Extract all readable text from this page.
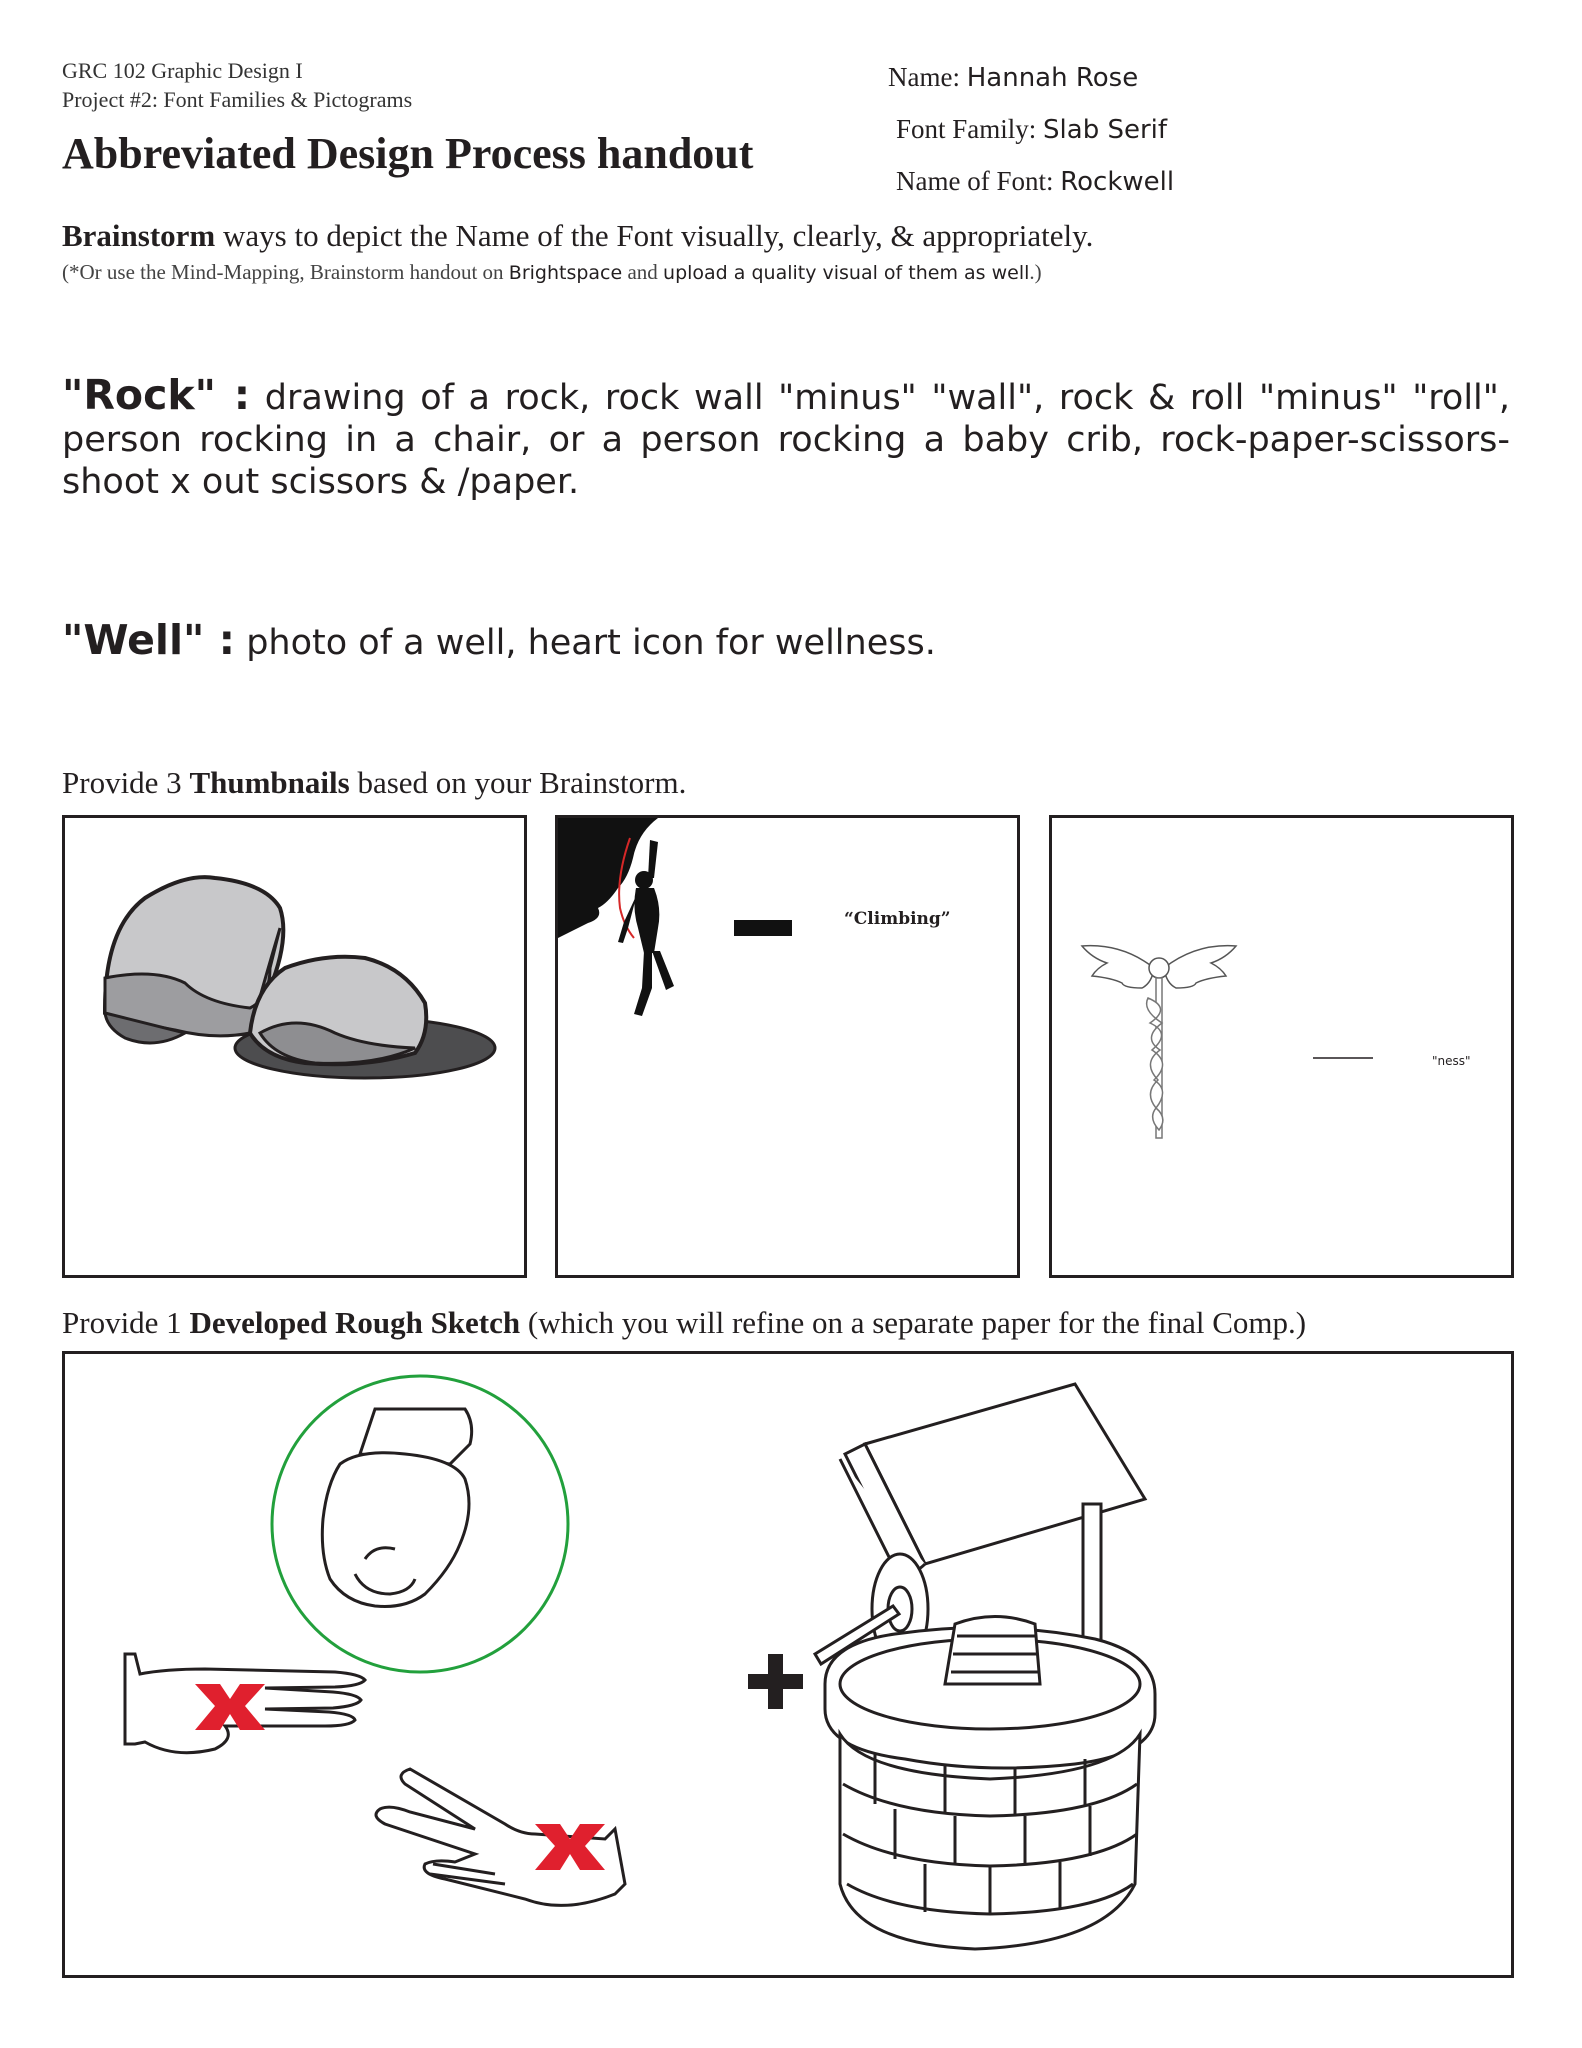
GRC 102 Graphic Design I
Project #2: Font Families & Pictograms
Abbreviated Design Process handout
Name: Hannah Rose
Font Family: Slab Serif
Name of Font: Rockwell
Brainstorm ways to depict the Name of the Font visually, clearly, & appropriately.
(*Or use the Mind-Mapping, Brainstorm handout on Brightspace and upload a quality visual of them as well.)
"Rock" : drawing of a rock, rock wall "minus" "wall", rock & roll "minus" "roll", person rocking in a chair, or a person rocking a baby crib, rock-paper-scissors-shoot x out scissors & /paper.
"Well" : photo of a well, heart icon for wellness.
Provide 3 Thumbnails based on your Brainstorm.
“Climbing”
"ness"
Provide 1 Developed Rough Sketch (which you will refine on a separate paper for the final Comp.)
